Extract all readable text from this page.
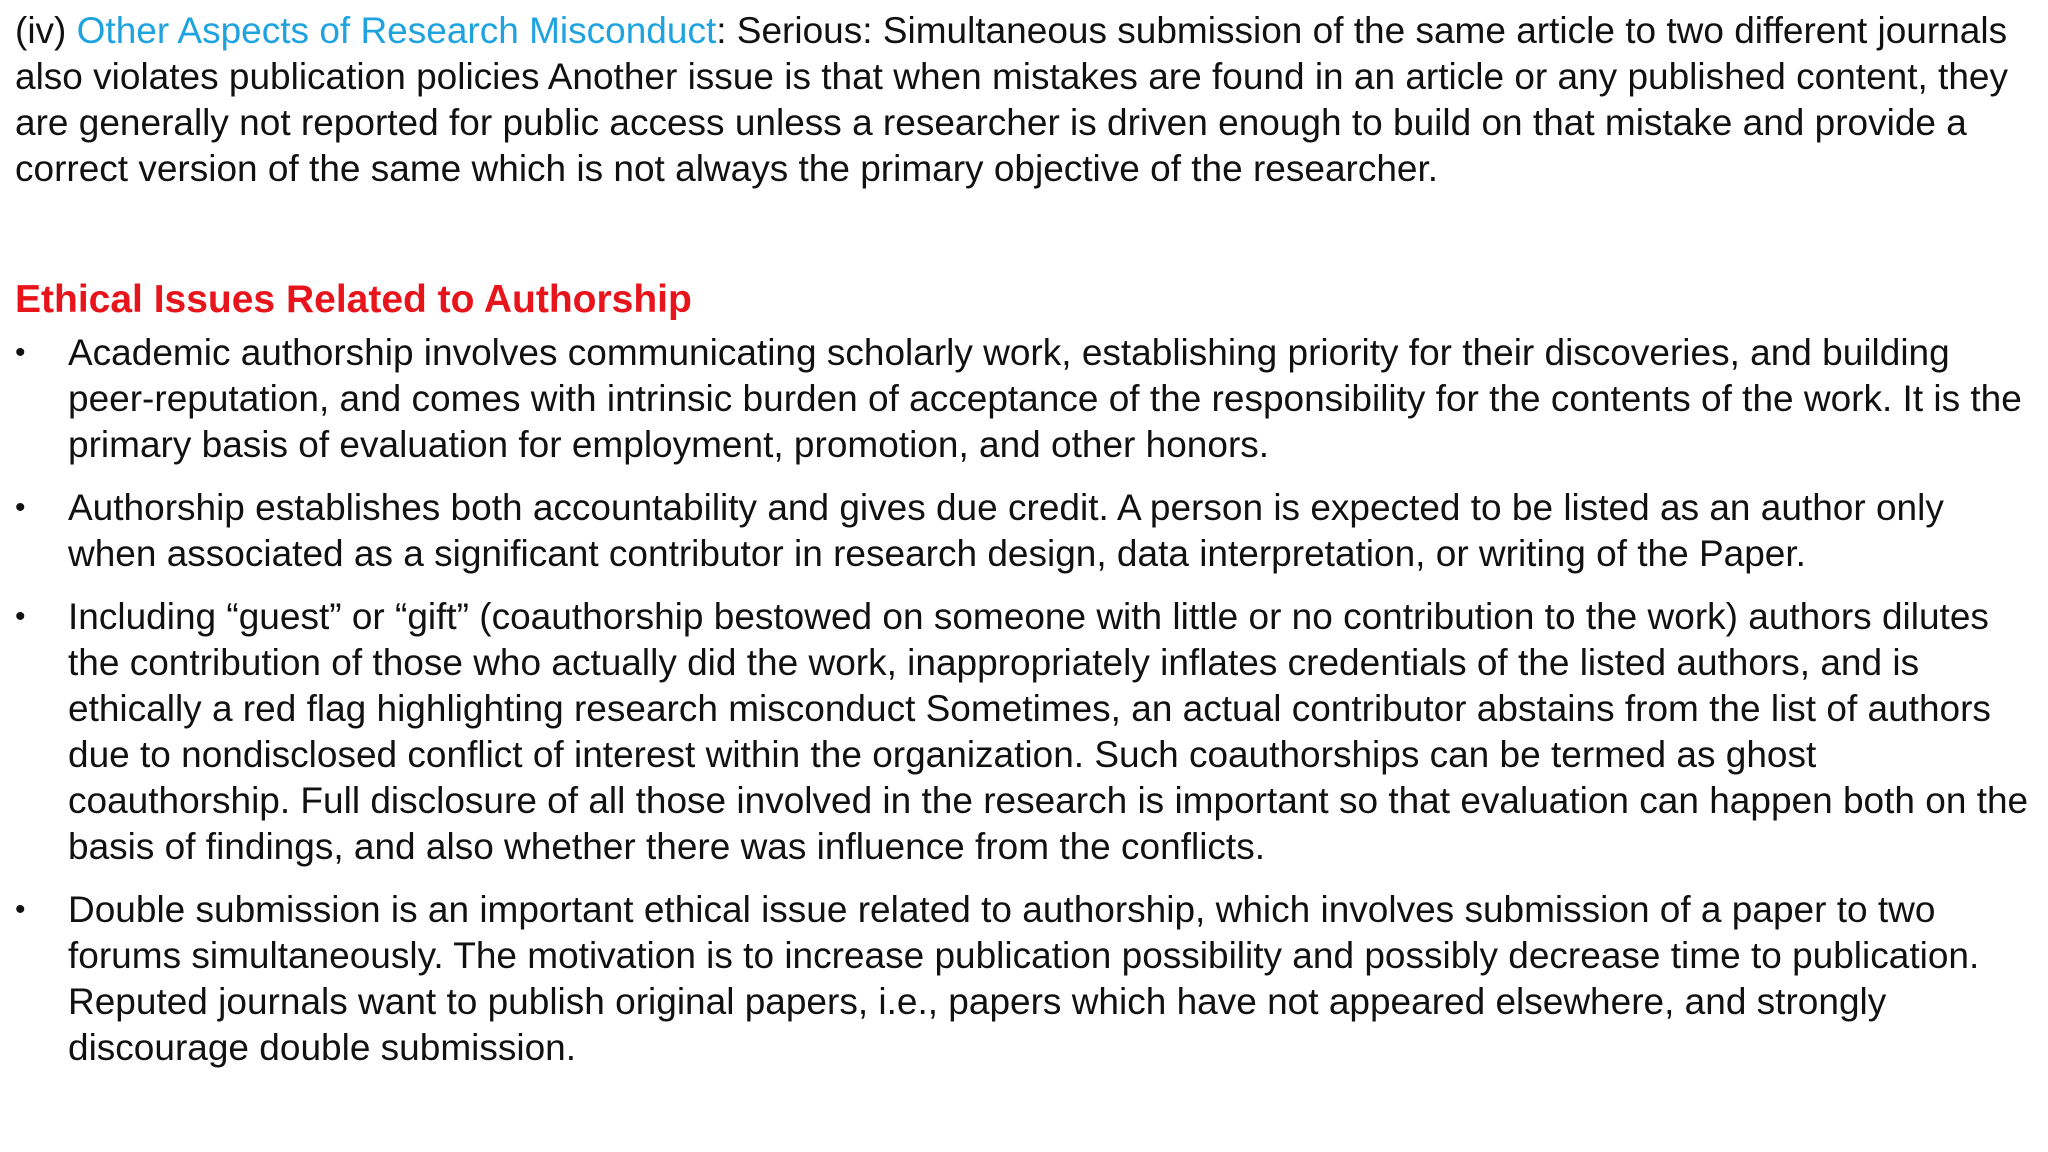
(iv) Other Aspects of Research Misconduct: Serious: Simultaneous submission of the same article to two different journals also violates publication policies Another issue is that when mistakes are found in an article or any published content, they are generally not reported for public access unless a researcher is driven enough to build on that mistake and provide a correct version of the same which is not always the primary objective of the researcher.

Ethical Issues Related to Authorship
• Academic authorship involves communicating scholarly work, establishing priority for their discoveries, and building peer-reputation, and comes with intrinsic burden of acceptance of the responsibility for the contents of the work. It is the primary basis of evaluation for employment, promotion, and other honors.
• Authorship establishes both accountability and gives due credit. A person is expected to be listed as an author only when associated as a significant contributor in research design, data interpretation, or writing of the Paper.
• Including “guest” or “gift” (coauthorship bestowed on someone with little or no contribution to the work) authors dilutes the contribution of those who actually did the work, inappropriately inflates credentials of the listed authors, and is ethically a red flag highlighting research misconduct Sometimes, an actual contributor abstains from the list of authors due to nondisclosed conflict of interest within the organization. Such coauthorships can be termed as ghost coauthorship. Full disclosure of all those involved in the research is important so that evaluation can happen both on the basis of findings, and also whether there was influence from the conflicts.
• Double submission is an important ethical issue related to authorship, which involves submission of a paper to two forums simultaneously. The motivation is to increase publication possibility and possibly decrease time to publication. Reputed journals want to publish original papers, i.e., papers which have not appeared elsewhere, and strongly discourage double submission.
